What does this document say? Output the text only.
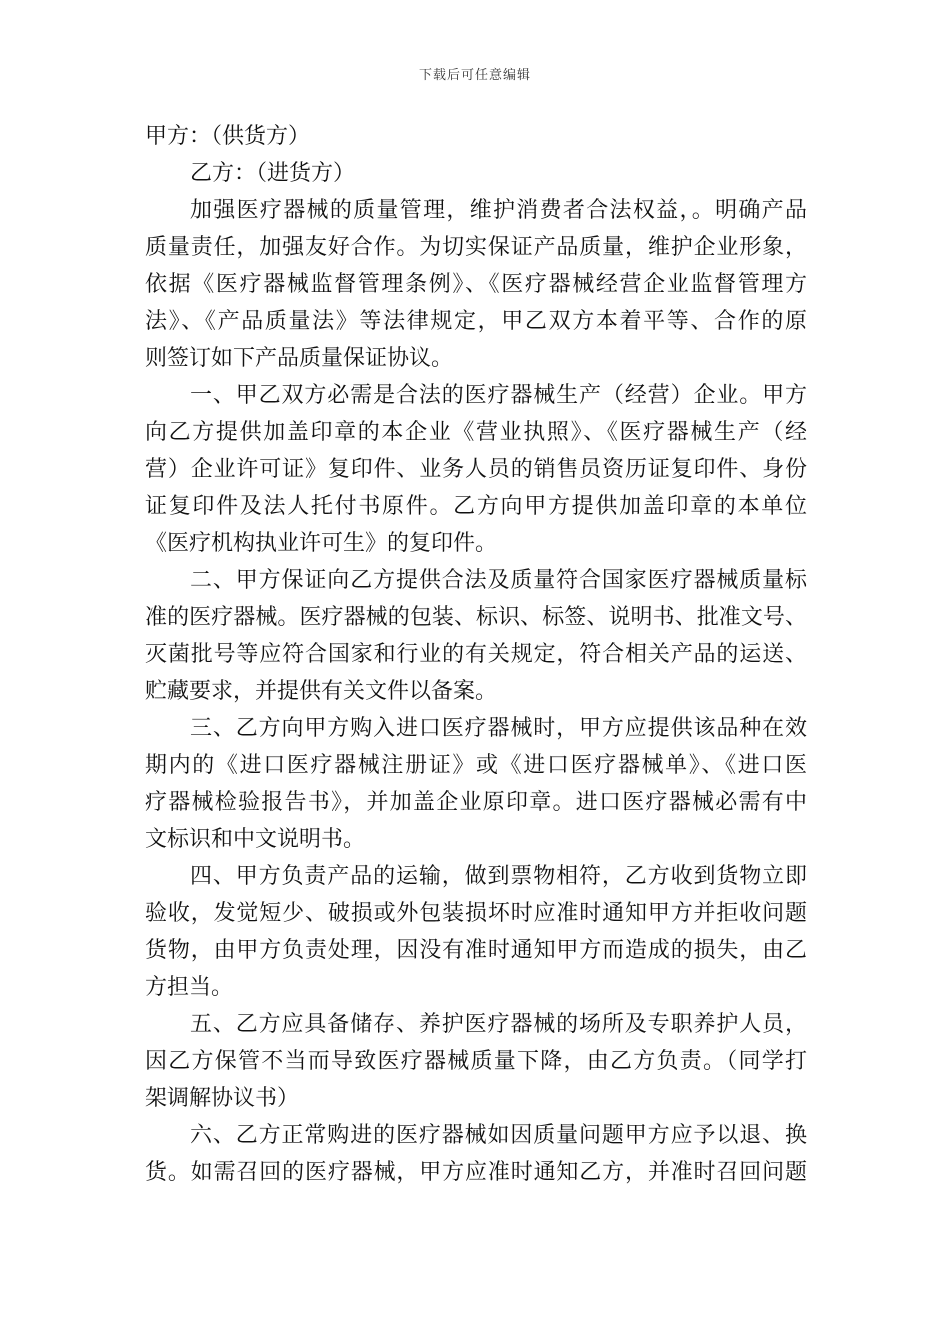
下载后可任意编辑
甲方：（供货方）
乙方：（进货方）
加强医疗器械的质量管理，维护消费者合法权益，。明确产品
质量责任，加强友好合作。为切实保证产品质量，维护企业形象，
依据《医疗器械监督管理条例》、《医疗器械经营企业监督管理方
法》、《产品质量法》等法律规定，甲乙双方本着平等、合作的原
则签订如下产品质量保证协议。
一、甲乙双方必需是合法的医疗器械生产（经营）企业。甲方
向乙方提供加盖印章的本企业《营业执照》、《医疗器械生产（经
营）企业许可证》复印件、业务人员的销售员资历证复印件、身份
证复印件及法人托付书原件。乙方向甲方提供加盖印章的本单位
《医疗机构执业许可生》的复印件。
二、甲方保证向乙方提供合法及质量符合国家医疗器械质量标
准的医疗器械。医疗器械的包装、标识、标签、说明书、批准文号、
灭菌批号等应符合国家和行业的有关规定，符合相关产品的运送、
贮藏要求，并提供有关文件以备案。
三、乙方向甲方购入进口医疗器械时，甲方应提供该品种在效
期内的《进口医疗器械注册证》或《进口医疗器械单》、《进口医
疗器械检验报告书》，并加盖企业原印章。进口医疗器械必需有中
文标识和中文说明书。
四、甲方负责产品的运输，做到票物相符，乙方收到货物立即
验收，发觉短少、破损或外包装损坏时应准时通知甲方并拒收问题
货物，由甲方负责处理，因没有准时通知甲方而造成的损失，由乙
方担当。
五、乙方应具备储存、养护医疗器械的场所及专职养护人员，
因乙方保管不当而导致医疗器械质量下降，由乙方负责。（同学打
架调解协议书）
六、乙方正常购进的医疗器械如因质量问题甲方应予以退、换
货。如需召回的医疗器械，甲方应准时通知乙方，并准时召回问题
